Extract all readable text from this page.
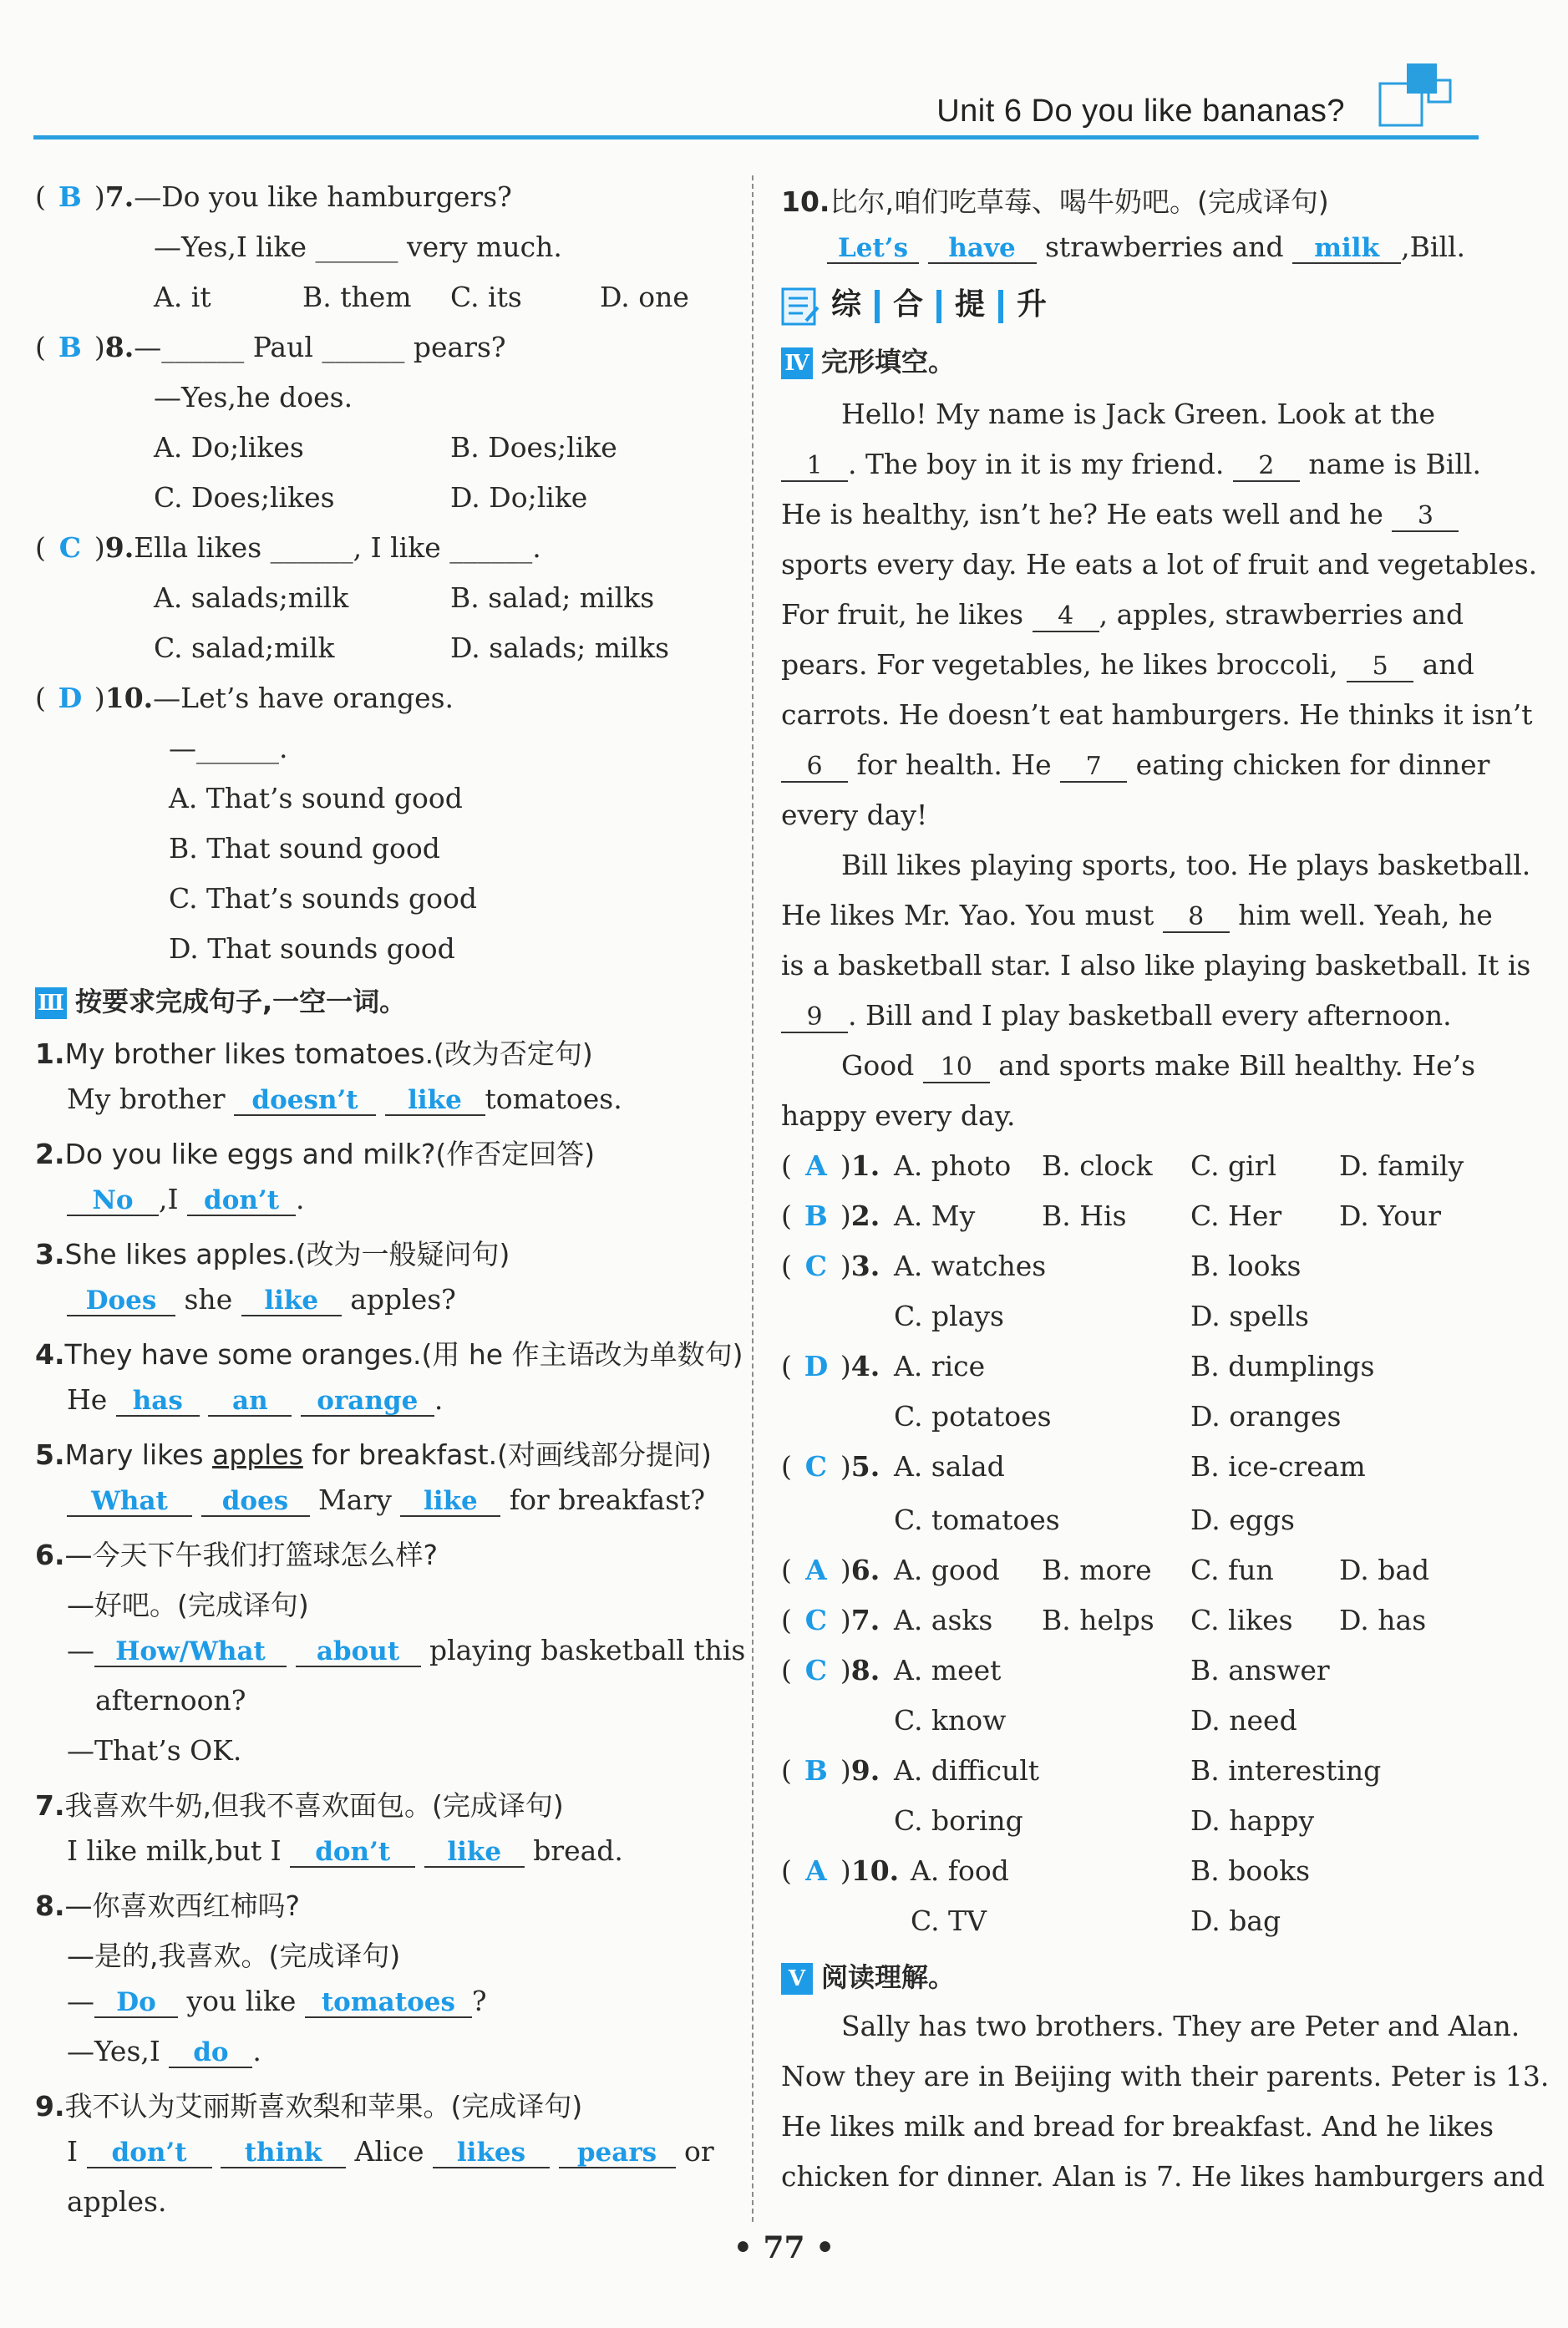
Unit 6 Do you like bananas?
( B )7.—Do you like hamburgers?
—Yes,I like ______ very much.
A. it	B. them C. its	D. one
( B )8.—______ Paul ______ pears?
—Yes,he does.
A. Do;likes	B. Does;like
C. Does;likes	D. Do;like
( C )9.Ella likes ______, I like ______.
A. salads;milk	B. salad; milks
C. salad;milk	D. salads; milks
( D )10.—Let’s have oranges.
—______.
A. That’s sound good
B. That sound good
C. That’s sounds good
D. That sounds good
Ⅲ 按要求完成句子,一空一词。
1.My brother likes tomatoes.(改为否定句)
My brother doesn’t like tomatoes.
2.Do you like eggs and milk?(作否定回答)
No ,I don’t .
3.She likes apples.(改为一般疑问句)
Does she like apples?
4.They have some oranges.(用 he 作主语改为单数句)
He has an orange .
5.Mary likes apples for breakfast.(对画线部分提问)
What does Mary like for breakfast?
6.—今天下午我们打篮球怎么样?
—好吧。(完成译句)
— How/What about playing basketball this
afternoon?
—That’s OK.
7.我喜欢牛奶,但我不喜欢面包。(完成译句)
I like milk,but I don’t like bread.
8.—你喜欢西红柿吗?
—是的,我喜欢。(完成译句)
— Do you like tomatoes ?
—Yes,I do .
9.我不认为艾丽斯喜欢梨和苹果。(完成译句)
I don’t think Alice likes pears or
apples.
10.比尔,咱们吃草莓、喝牛奶吧。(完成译句)
Let’s have strawberries and milk ,Bill.
综 合 提 升
Ⅳ 完形填空。
Hello! My name is Jack Green. Look at the
1 . The boy in it is my friend. 2 name is Bill.
He is healthy, isn’t he? He eats well and he 3
sports every day. He eats a lot of fruit and vegetables.
For fruit, he likes 4 , apples, strawberries and
pears. For vegetables, he likes broccoli, 5 and
carrots. He doesn’t eat hamburgers. He thinks it isn’t
6 for health. He 7 eating chicken for dinner
every day!
Bill likes playing sports, too. He plays basketball.
He likes Mr. Yao. You must 8 him well. Yeah, he
is a basketball star. I also like playing basketball. It is
9 . Bill and I play basketball every afternoon.
Good 10 and sports make Bill healthy. He’s
happy every day.
( A )1. A. photo B. clock C. girl D. family
( B )2. A. My B. His C. Her D. Your
( C )3. A. watches	B. looks
C. plays	D. spells
( D )4. A. rice	B. dumplings
C. potatoes	D. oranges
( C )5. A. salad	B. ice-cream
C. tomatoes	D. eggs
( A )6. A. good B. more C. fun D. bad
( C )7. A. asks B. helps C. likes D. has
( C )8. A. meet	B. answer
C. know	D. need
( B )9. A. difficult	B. interesting
C. boring	D. happy
( A )10. A. food	B. books
C. TV	D. bag
Ⅴ 阅读理解。
Sally has two brothers. They are Peter and Alan.
Now they are in Beijing with their parents. Peter is 13.
He likes milk and bread for breakfast. And he likes
chicken for dinner. Alan is 7. He likes hamburgers and
• 77 •
